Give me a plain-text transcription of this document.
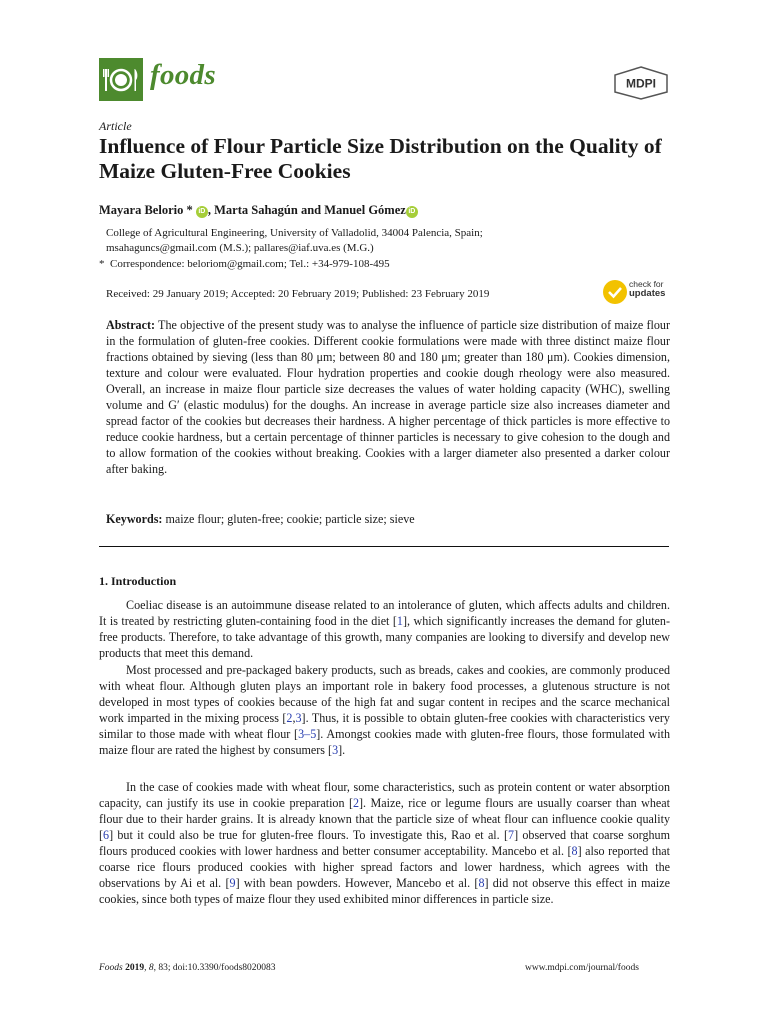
foods	MDPI
Article
Influence of Flour Particle Size Distribution on the Quality of Maize Gluten-Free Cookies
Mayara Belorio * iD , Marta Sahagún and Manuel Gómez iD
College of Agricultural Engineering, University of Valladolid, 34004 Palencia, Spain;
msahaguncs@gmail.com (M.S.); pallares@iaf.uva.es (M.G.)
* Correspondence: beloriom@gmail.com; Tel.: +34-979-108-495
Received: 29 January 2019; Accepted: 20 February 2019; Published: 23 February 2019
check for
updates
Abstract: The objective of the present study was to analyse the influence of particle size distribution of maize flour in the formulation of gluten-free cookies. Different cookie formulations were made with three distinct maize flour fractions obtained by sieving (less than 80 μm; between 80 and 180 μm; greater than 180 μm). Cookies dimension, texture and colour were evaluated. Flour hydration properties and cookie dough rheology were also measured. Overall, an increase in maize flour particle size decreases the values of water holding capacity (WHC), swelling volume and G′ (elastic modulus) for the doughs. An increase in average particle size also increases diameter and spread factor of the cookies but decreases their hardness. A higher percentage of thick particles is more effective to reduce cookie hardness, but a certain percentage of thinner particles is necessary to give cohesion to the dough and to allow formation of the cookies without breaking. Cookies with a larger diameter also presented a darker colour after baking.
Keywords: maize flour; gluten-free; cookie; particle size; sieve
1. Introduction
Coeliac disease is an autoimmune disease related to an intolerance of gluten, which affects adults and children. It is treated by restricting gluten-containing food in the diet [1], which significantly increases the demand for gluten-free products. Therefore, to take advantage of this growth, many companies are looking to diversify and develop new products that meet this demand.
Most processed and pre-packaged bakery products, such as breads, cakes and cookies, are commonly produced with wheat flour. Although gluten plays an important role in bakery food processes, a glutenous structure is not developed in most types of cookies because of the high fat and sugar content in recipes and the scarce mechanical work imparted in the mixing process [2,3]. Thus, it is possible to obtain gluten-free cookies with characteristics very similar to those made with wheat flour [3–5]. Amongst cookies made with gluten-free flours, those formulated with maize flour are rated the highest by consumers [3].
In the case of cookies made with wheat flour, some characteristics, such as protein content or water absorption capacity, can justify its use in cookie preparation [2]. Maize, rice or legume flours are usually coarser than wheat flour due to their harder grains. It is already known that the particle size of wheat flour can influence cookie quality [6] but it could also be true for gluten-free flours. To investigate this, Rao et al. [7] observed that coarse sorghum flours produced cookies with lower hardness and better consumer acceptability. Mancebo et al. [8] also reported that coarse rice flours produced cookies with higher spread factors and lower hardness, which agrees with the observations by Ai et al. [9] with bean powders. However, Mancebo et al. [8] did not observe this effect in maize cookies, since both types of maize flour they used exhibited minor differences in particle size.
Foods 2019, 8, 83; doi:10.3390/foods8020083	www.mdpi.com/journal/foods
